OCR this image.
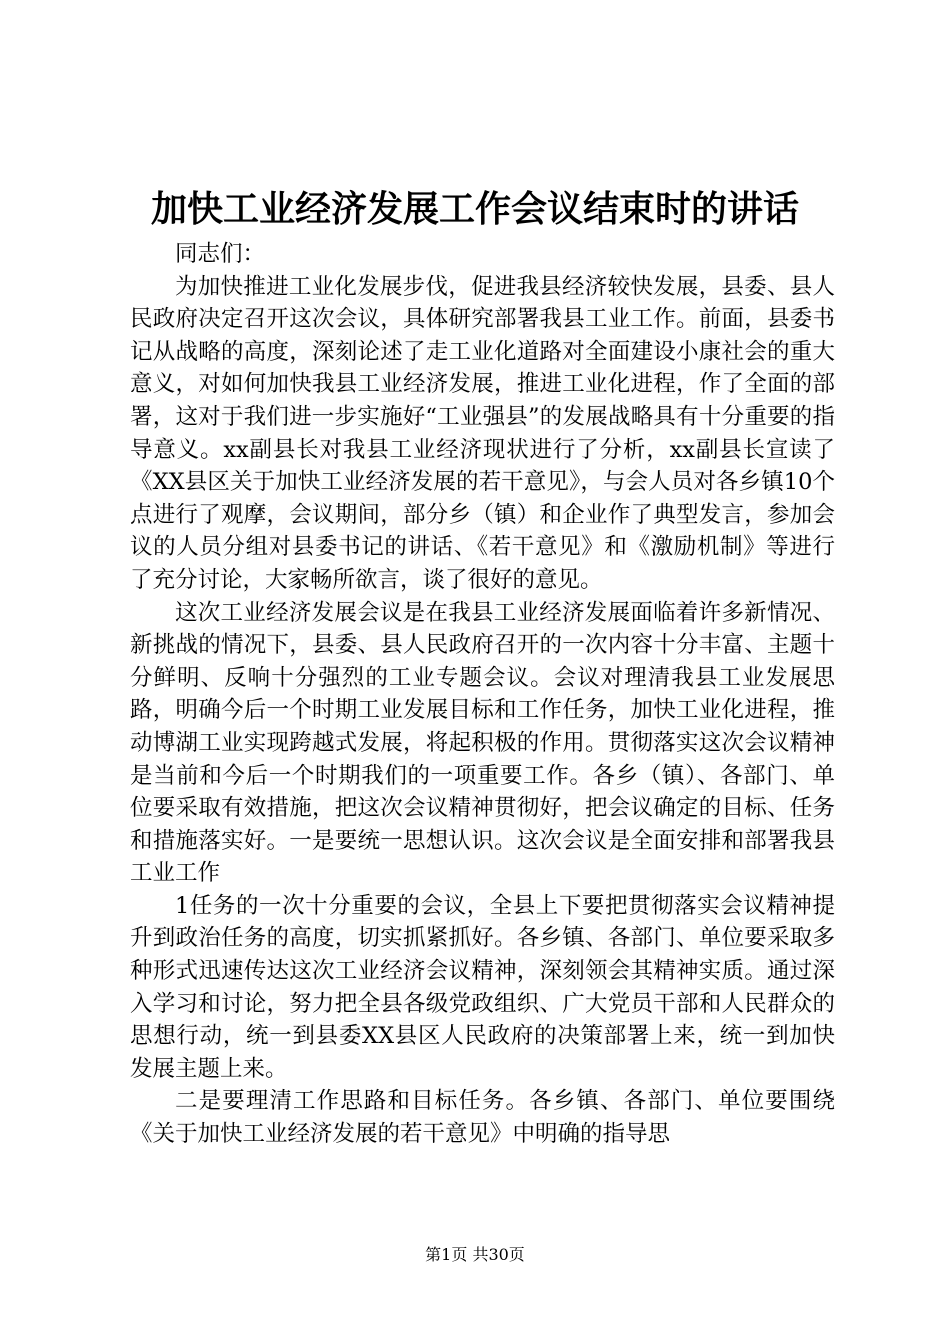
加快工业经济发展工作会议结束时的讲话

同志们：

为加快推进工业化发展步伐，促进我县经济较快发展，县委、县人民政府决定召开这次会议，具体研究部署我县工业工作。前面，县委书记从战略的高度，深刻论述了走工业化道路对全面建设小康社会的重大意义，对如何加快我县工业经济发展，推进工业化进程，作了全面的部署，这对于我们进一步实施好“工业强县”的发展战略具有十分重要的指导意义。xx副县长对我县工业经济现状进行了分析，xx副县长宣读了《XX县区关于加快工业经济发展的若干意见》，与会人员对各乡镇10个点进行了观摩，会议期间，部分乡（镇）和企业作了典型发言，参加会议的人员分组对县委书记的讲话、《若干意见》和《激励机制》等进行了充分讨论，大家畅所欲言，谈了很好的意见。

这次工业经济发展会议是在我县工业经济发展面临着许多新情况、新挑战的情况下，县委、县人民政府召开的一次内容十分丰富、主题十分鲜明、反响十分强烈的工业专题会议。会议对理清我县工业发展思路，明确今后一个时期工业发展目标和工作任务，加快工业化进程，推动博湖工业实现跨越式发展，将起积极的作用。贯彻落实这次会议精神是当前和今后一个时期我们的一项重要工作。各乡（镇）、各部门、单位要采取有效措施，把这次会议精神贯彻好，把会议确定的目标、任务和措施落实好。一是要统一思想认识。这次会议是全面安排和部署我县工业工作

1任务的一次十分重要的会议，全县上下要把贯彻落实会议精神提升到政治任务的高度，切实抓紧抓好。各乡镇、各部门、单位要采取多种形式迅速传达这次工业经济会议精神，深刻领会其精神实质。通过深入学习和讨论，努力把全县各级党政组织、广大党员干部和人民群众的思想行动，统一到县委XX县区人民政府的决策部署上来，统一到加快发展主题上来。

二是要理清工作思路和目标任务。各乡镇、各部门、单位要围绕《关于加快工业经济发展的若干意见》中明确的指导思

第1页 共30页
